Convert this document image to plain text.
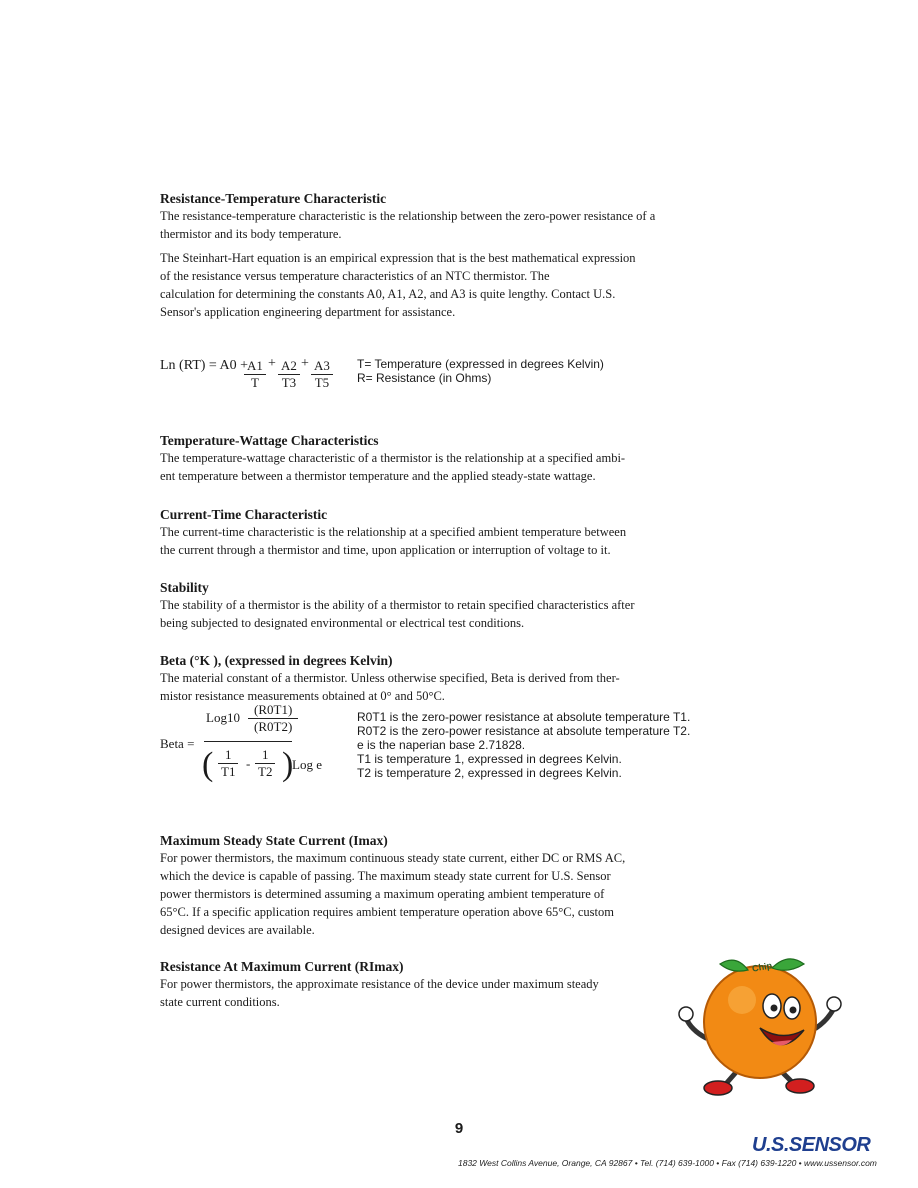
Resistance-Temperature Characteristic

The resistance-temperature characteristic is the relationship between the zero-power resistance of a thermistor and its body temperature.

The Steinhart-Hart equation is an empirical expression that is the best mathematical expression

of the resistance versus temperature characteristics of an NTC thermistor. The

calculation for determining the constants A0, A1, A2, and A3 is quite lengthy. Contact U.S.

Sensor's application engineering department for assistance.

Ln (RT) = A0 +
$\frac{A1}{T} + \frac{A2}{T3} + \frac{A3}{T5} T=$ Temperature (expressed in degrees Kelvin)
R= Resistance (in Ohms)

Temperature-Wattage Characteristics

The temperature-wattage characteristic of a thermistor is the relationship at a specified ambi-

ent temperature between a thermistor temperature and the applied steady-state wattage.

Current-Time Characteristic

The current-time characteristic is the relationship at a specified ambient temperature between

the current through a thermistor and time, upon application or interruption of voltage to it.

Stability

The stability of a thermistor is the ability of a thermistor to retain specified characteristics after

being subjected to designated environmental or electrical test conditions.

Beta (°K ), (expressed in degrees Kelvin)

The material constant of a thermistor. Unless otherwise specified, Beta is derived from ther-

mistor resistance measurements obtained at 0° and 50°C.

$Log10 \frac{(R0T1)}{(R0T2)}$
Beta =
( $\frac{1}{T1} - \frac{1}{T2}$ )
Log e
R0T1 is the zero-power resistance at absolute temperature T1.
R0T2 is the zero-power resistance at absolute temperature T2.
e is the naperian base 2.71828.
T1 is temperature 1, expressed in degrees Kelvin.
T2 is temperature 2, expressed in degrees Kelvin.

Maximum Steady State Current (Imax)

For power thermistors, the maximum continuous steady state current, either DC or RMS AC,

which the device is capable of passing. The maximum steady state current for U.S. Sensor

power thermistors is determined assuming a maximum operating ambient temperature of

65°C. If a specific application requires ambient temperature operation above 65°C, custom

designed devices are available.

Resistance At Maximum Current (RImax)

For power thermistors, the approximate resistance of the device under maximum steady

state current conditions.

Chip
9
U.S.SENSOR
1832 West Collins Avenue, Orange, CA 92867 • Tel. (714) 639-1000 • Fax (714) 639-1220 • www.ussensor.com
